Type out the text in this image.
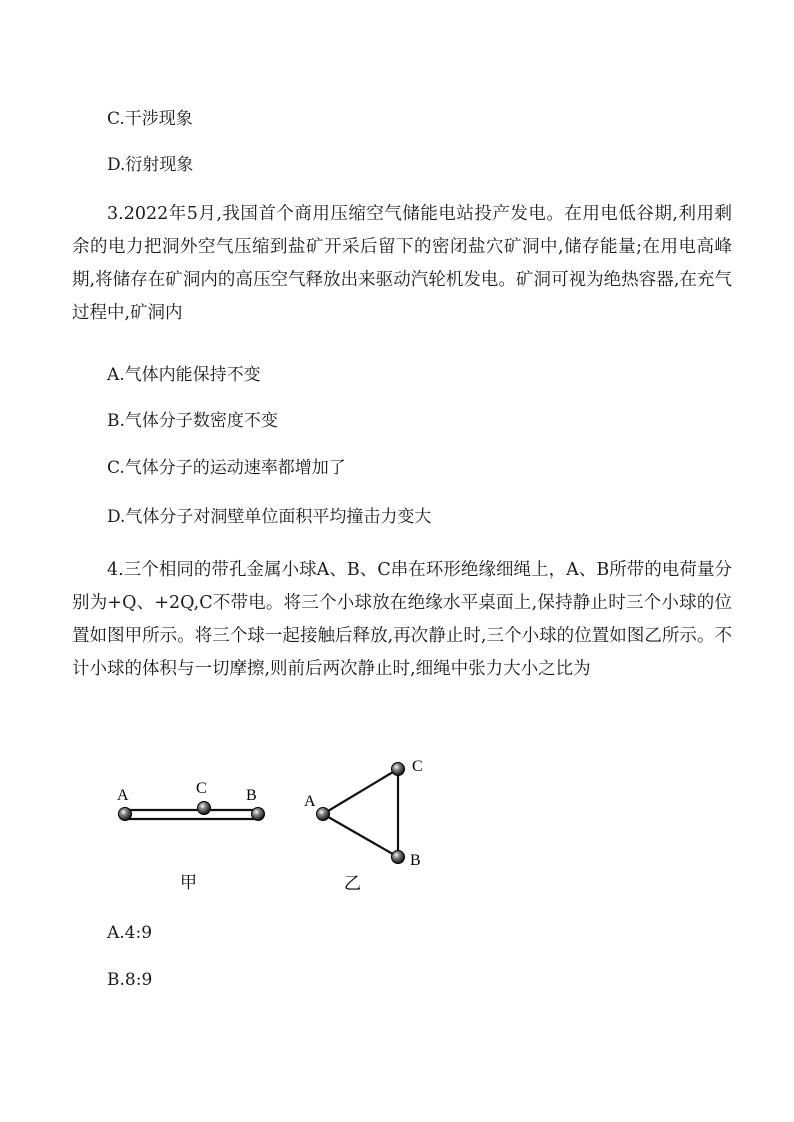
C.干涉现象
D.衍射现象

3.2022年5月,我国首个商用压缩空气储能电站投产发电。在用电低谷期,利用剩余的电力把洞外空气压缩到盐矿开采后留下的密闭盐穴矿洞中,储存能量;在用电高峰期,将储存在矿洞内的高压空气释放出来驱动汽轮机发电。矿洞可视为绝热容器,在充气过程中,矿洞内

A.气体内能保持不变
B.气体分子数密度不变
C.气体分子的运动速率都增加了
D.气体分子对洞壁单位面积平均撞击力变大

4.三个相同的带孔金属小球A、B、C串在环形绝缘细绳上，A、B所带的电荷量分别为+Q、+2Q,C不带电。将三个小球放在绝缘水平桌面上,保持静止时三个小球的位置如图甲所示。将三个球一起接触后释放,再次静止时,三个小球的位置如图乙所示。不计小球的体积与一切摩擦,则前后两次静止时,细绳中张力大小之比为

A	C B
甲
A
C
B
乙
A.4:9
B.8:9
